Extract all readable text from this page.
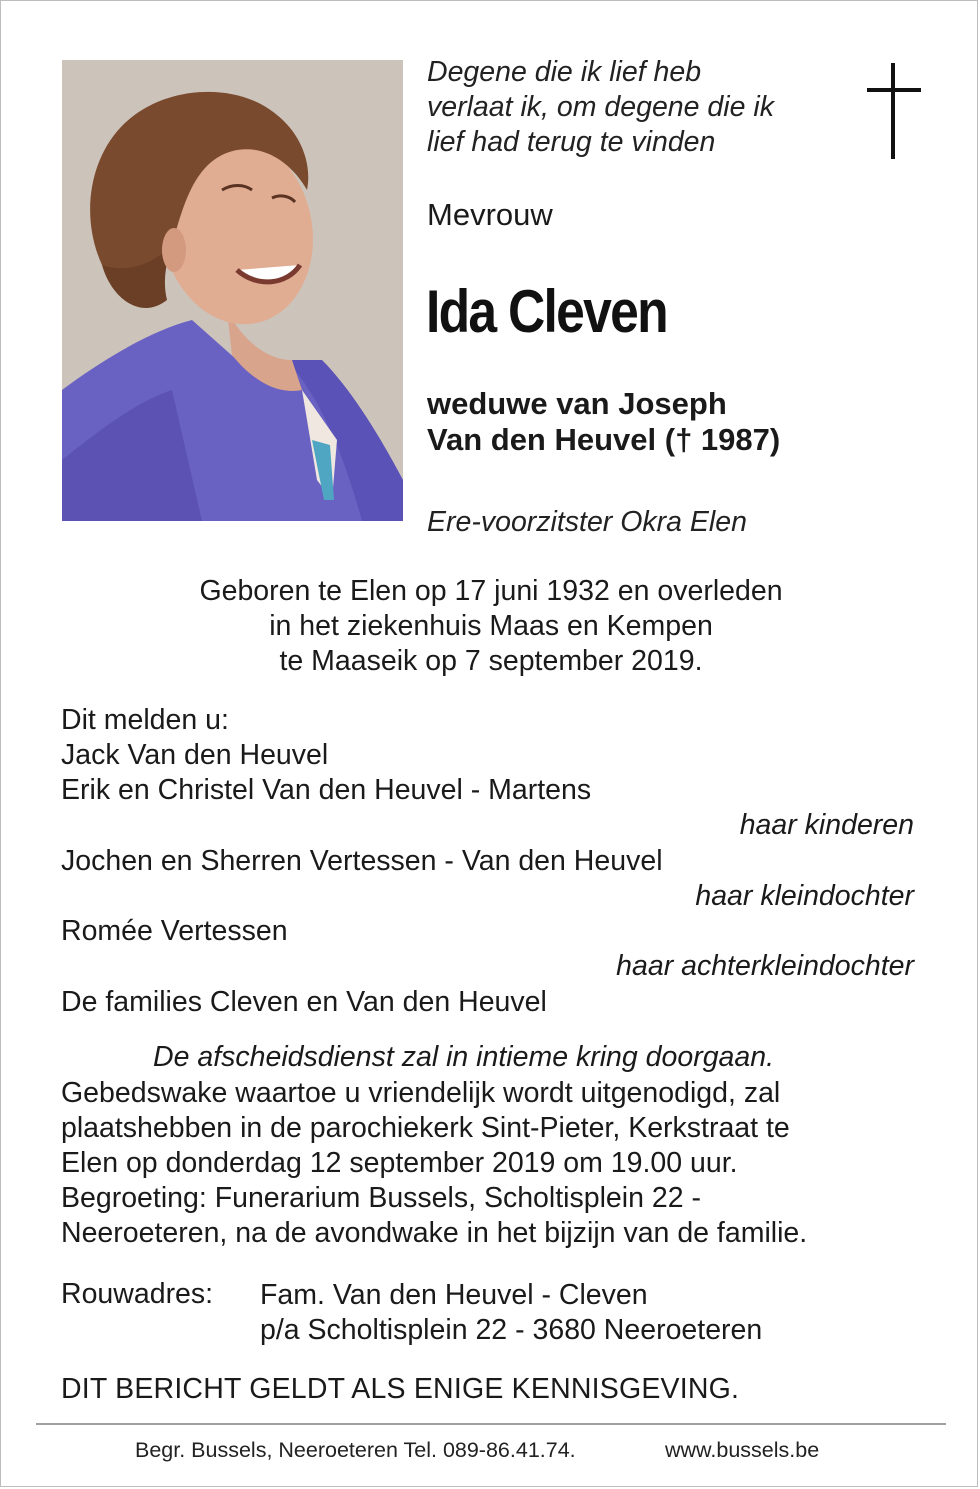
Degene die ik lief heb
verlaat ik, om degene die ik
lief had terug te vinden
Mevrouw
Ida Cleven
weduwe van Joseph
Van den Heuvel († 1987)
Ere-voorzitster Okra Elen
Geboren te Elen op 17 juni 1932 en overleden
in het ziekenhuis Maas en Kempen
te Maaseik op 7 september 2019.
Dit melden u:
Jack Van den Heuvel
Erik en Christel Van den Heuvel - Martens
haar kinderen
Jochen en Sherren Vertessen - Van den Heuvel
haar kleindochter
Romée Vertessen
haar achterkleindochter
De families Cleven en Van den Heuvel
De afscheidsdienst zal in intieme kring doorgaan.
Gebedswake waartoe u vriendelijk wordt uitgenodigd, zal
plaatshebben in de parochiekerk Sint-Pieter, Kerkstraat te
Elen op donderdag 12 september 2019 om 19.00 uur.
Begroeting: Funerarium Bussels, Scholtisplein 22 -
Neeroeteren, na de avondwake in het bijzijn van de familie.
Rouwadres: Fam. Van den Heuvel - Cleven
p/a Scholtisplein 22 - 3680 Neeroeteren
DIT BERICHT GELDT ALS ENIGE KENNISGEVING.
Begr. Bussels, Neeroeteren Tel. 089-86.41.74.	www.bussels.be
